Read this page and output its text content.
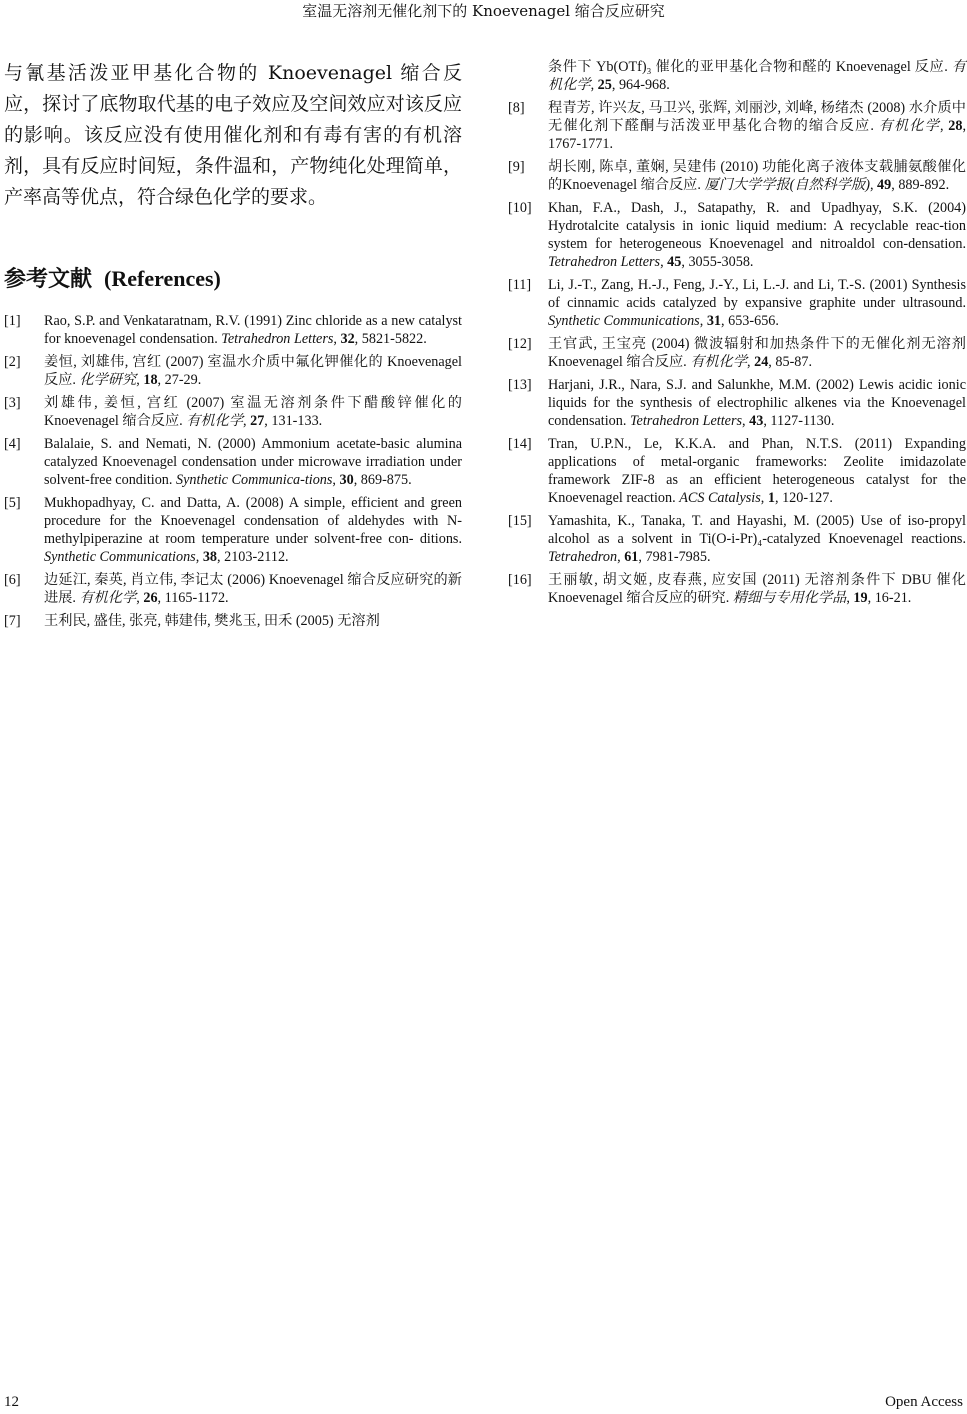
室温无溶剂无催化剂下的 Knoevenagel 缩合反应研究
与氰基活泼亚甲基化合物的 Knoevenagel 缩合反应，探讨了底物取代基的电子效应及空间效应对该反应的影响。该反应没有使用催化剂和有毒有害的有机溶剂，具有反应时间短，条件温和，产物纯化处理简单，产率高等优点，符合绿色化学的要求。
参考文献 (References)
[1] Rao, S.P. and Venkataratnam, R.V. (1991) Zinc chloride as a new catalyst for knoevenagel condensation. Tetrahedron Letters, 32, 5821-5822.
[2] 姜恒, 刘雄伟, 宫红 (2007) 室温水介质中氟化钾催化的 Knoevenagel 反应. 化学研究, 18, 27-29.
[3] 刘雄伟, 姜恒, 宫红 (2007) 室温无溶剂条件下醋酸锌催化的 Knoevenagel 缩合反应. 有机化学, 27, 131-133.
[4] Balalaie, S. and Nemati, N. (2000) Ammonium acetate-basic alumina catalyzed Knoevenagel condensation under microwave irradiation under solvent-free condition. Synthetic Communica-tions, 30, 869-875.
[5] Mukhopadhyay, C. and Datta, A. (2008) A simple, efficient and green procedure for the Knoevenagel condensation of aldehydes with N-methylpiperazine at room temperature under solvent-free con- ditions. Synthetic Communications, 38, 2103-2112.
[6] 边延江, 秦英, 肖立伟, 李记太 (2006) Knoevenagel 缩合反应研究的新进展. 有机化学, 26, 1165-1172.
[7] 王利民, 盛佳, 张亮, 韩建伟, 樊兆玉, 田禾 (2005) 无溶剂
条件下 Yb(OTf)₃ 催化的亚甲基化合物和醛的 Knoevenagel 反应. 有机化学, 25, 964-968.
[8] 程青芳, 许兴友, 马卫兴, 张辉, 刘丽沙, 刘峰, 杨绪杰 (2008) 水介质中无催化剂下醛酮与活泼亚甲基化合物的缩合反应. 有机化学, 28, 1767-1771.
[9] 胡长刚, 陈卓, 董娴, 吴建伟 (2010) 功能化离子液体支载脯氨酸催化的Knoevenagel 缩合反应. 厦门大学学报(自然科学版), 49, 889-892.
[10] Khan, F.A., Dash, J., Satapathy, R. and Upadhyay, S.K. (2004) Hydrotalcite catalysis in ionic liquid medium: A recyclable reac-tion system for heterogeneous Knoevenagel and nitroaldol con-densation. Tetrahedron Letters, 45, 3055-3058.
[11] Li, J.-T., Zang, H.-J., Feng, J.-Y., Li, L.-J. and Li, T.-S. (2001) Synthesis of cinnamic acids catalyzed by expansive graphite under ultrasound. Synthetic Communications, 31, 653-656.
[12] 王官武, 王宝亮 (2004) 微波辐射和加热条件下的无催化剂无溶剂 Knoevenagel 缩合反应. 有机化学, 24, 85-87.
[13] Harjani, J.R., Nara, S.J. and Salunkhe, M.M. (2002) Lewis acidic ionic liquids for the synthesis of electrophilic alkenes via the Knoevenagel condensation. Tetrahedron Letters, 43, 1127-1130.
[14] Tran, U.P.N., Le, K.K.A. and Phan, N.T.S. (2011) Expanding applications of metal-organic frameworks: Zeolite imidazolate framework ZIF-8 as an efficient heterogeneous catalyst for the Knoevenagel reaction. ACS Catalysis, 1, 120-127.
[15] Yamashita, K., Tanaka, T. and Hayashi, M. (2005) Use of iso-propyl alcohol as a solvent in Ti(O-i-Pr)₄-catalyzed Knoevenagel reactions. Tetrahedron, 61, 7981-7985.
[16] 王丽敏, 胡文姬, 皮春燕, 应安国 (2011) 无溶剂条件下 DBU 催化 Knoevenagel 缩合反应的研究. 精细与专用化学品, 19, 16-21.
12	Open Access
